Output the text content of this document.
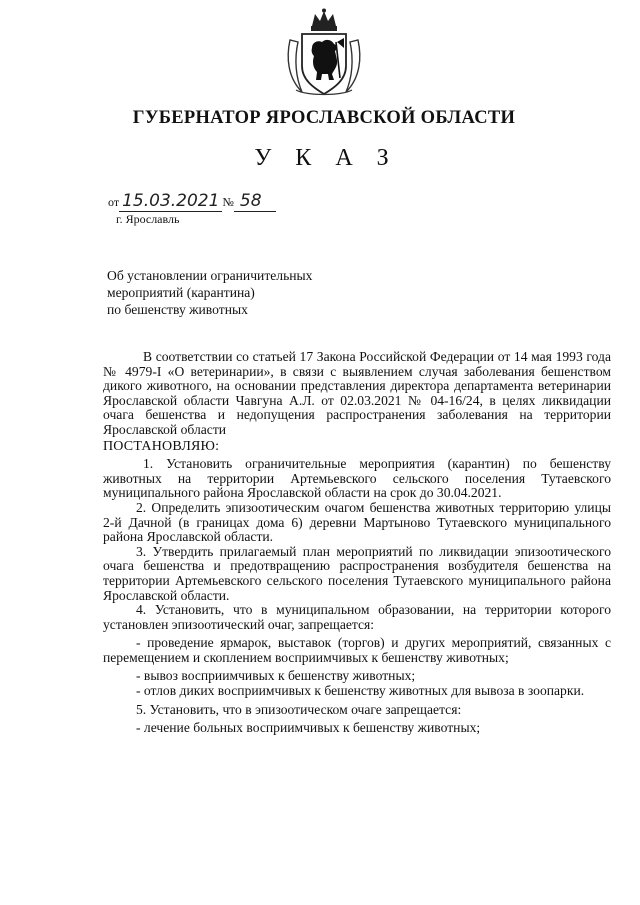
ГУБЕРНАТОР ЯРОСЛАВСКОЙ ОБЛАСТИ
У К А З
от 15.03.2021 № 58
г. Ярославль
Об установлении ограничительных
мероприятий (карантина)
по бешенству животных

В соответствии со статьей 17 Закона Российской Федерации от 14 мая 1993 года № 4979-I «О ветеринарии», в связи с выявлением случая заболевания бешенством дикого животного, на основании представления директора департамента ветеринарии Ярославской области Чавгуна А.Л. от 02.03.2021 № 04-16/24, в целях ликвидации очага бешенства и недопущения распространения заболевания на территории Ярославской области

ПОСТАНОВЛЯЮ:

1. Установить ограничительные мероприятия (карантин) по бешенству животных на территории Артемьевского сельского поселения Тутаевского муниципального района Ярославской области на срок до 30.04.2021.

2. Определить эпизоотическим очагом бешенства животных территорию улицы 2-й Дачной (в границах дома 6) деревни Мартыново Тутаевского муниципального района Ярославской области.

3. Утвердить прилагаемый план мероприятий по ликвидации эпизоотического очага бешенства и предотвращению распространения возбудителя бешенства на территории Артемьевского сельского поселения Тутаевского муниципального района Ярославской области.

4. Установить, что в муниципальном образовании, на территории которого установлен эпизоотический очаг, запрещается:

- проведение ярмарок, выставок (торгов) и других мероприятий, связанных с перемещением и скоплением восприимчивых к бешенству животных;

- вывоз восприимчивых к бешенству животных;

- отлов диких восприимчивых к бешенству животных для вывоза в зоопарки.

5. Установить, что в эпизоотическом очаге запрещается:

- лечение больных восприимчивых к бешенству животных;
